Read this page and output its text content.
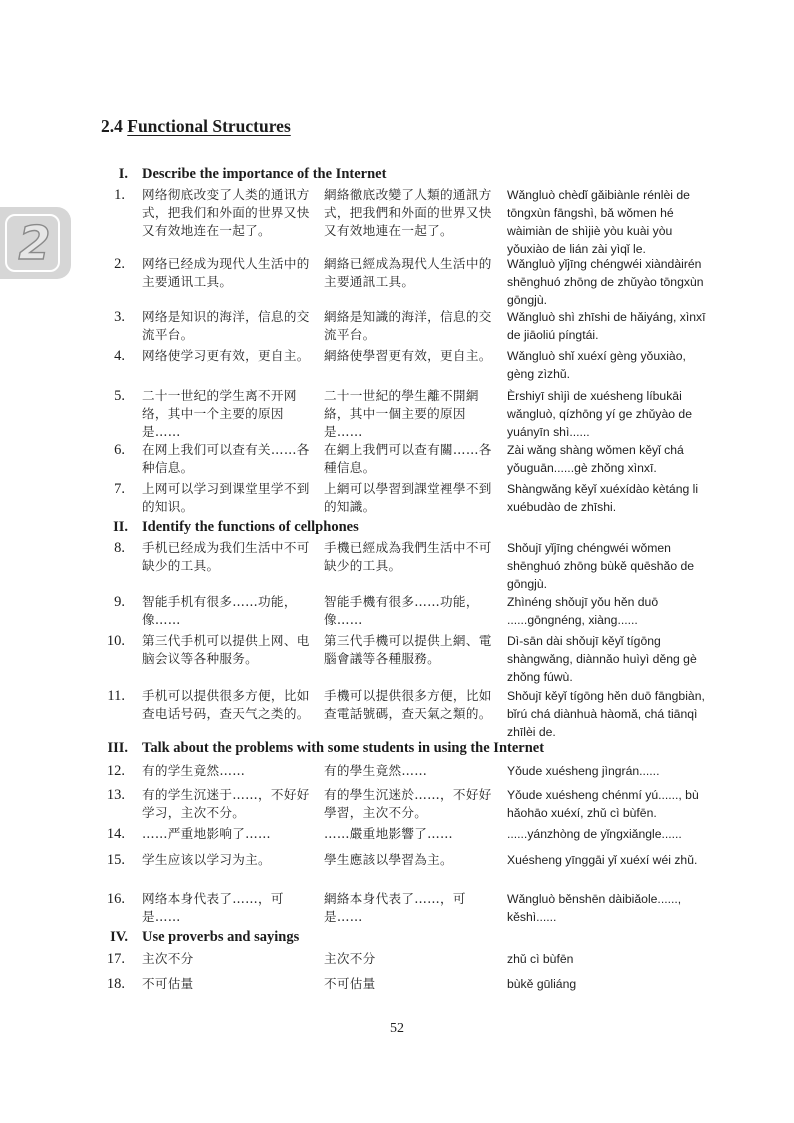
2
2.4 Functional Structures
I. Describe the importance of the Internet
1. 网络彻底改变了人类的通讯方式，把我们和外面的世界又快又有效地连在一起了。
網絡徹底改變了人類的通訊方式，把我們和外面的世界又快又有效地連在一起了。
Wǎngluò chèdǐ gǎibiànle rénlèi de tōngxùn fāngshì, bǎ wǒmen hé wàimiàn de shìjiè yòu kuài yòu yǒuxiào de lián zài yìqǐ le.
2. 网络已经成为现代人生活中的主要通讯工具。
網絡已經成為現代人生活中的主要通訊工具。
Wǎngluò yǐjīng chéngwéi xiàndàirén shēnghuó zhōng de zhǔyào tōngxùn gōngjù.
3. 网络是知识的海洋，信息的交流平台。
網絡是知識的海洋，信息的交流平台。
Wǎngluò shì zhīshi de hǎiyáng, xìnxī de jiāoliú píngtái.
4. 网络使学习更有效，更自主。 網絡使學習更有效，更自主。	Wǎngluò shǐ xuéxí gèng yǒuxiào, gèng zìzhǔ.
5. 二十一世纪的学生离不开网络，其中一个主要的原因是……
二十一世紀的學生離不開網絡，其中一個主要的原因是……
Èrshiyī shìjì de xuésheng líbukāi wǎngluò, qízhōng yí ge zhǔyào de yuányīn shì......
6. 在网上我们可以查有关……各种信息。
在網上我們可以查有關……各種信息。
Zài wǎng shàng wǒmen kěyǐ chá yǒuguān......gè zhǒng xìnxī.
7. 上网可以学习到课堂里学不到的知识。
上網可以學習到課堂裡學不到的知識。
Shàngwǎng kěyǐ xuéxídào kètáng li xuébudào de zhīshi.
II. Identify the functions of cellphones
8. 手机已经成为我们生活中不可缺少的工具。
手機已經成為我們生活中不可缺少的工具。
Shǒujī yǐjīng chéngwéi wǒmen shēnghuó zhōng bùkě quēshǎo de gōngjù.
9. 智能手机有很多……功能，像……
智能手機有很多……功能，像……
Zhìnéng shǒujī yǒu hěn duō ......gōngnéng, xiàng......
10. 第三代手机可以提供上网、电脑会议等各种服务。
第三代手機可以提供上網、電腦會議等各種服務。
Dì-sān dài shǒujī kěyǐ tígōng shàngwǎng, diànnǎo huìyì děng gè zhǒng fúwù.
11. 手机可以提供很多方便，比如查电话号码，查天气之类的。
手機可以提供很多方便，比如查電話號碼，查天氣之類的。
Shǒujī kěyǐ tígōng hěn duō fāngbiàn, bǐrú chá diànhuà hàomǎ, chá tiānqì zhīlèi de.
III. Talk about the problems with some students in using the Internet
12. 有的学生竟然……	有的學生竟然……	Yǒude xuésheng jìngrán......
13. 有的学生沉迷于……，不好好学习，主次不分。
有的學生沉迷於……，不好好學習，主次不分。
Yǒude xuésheng chénmí yú......, bù hǎohāo xuéxí, zhǔ cì bùfēn.
14. ……严重地影响了……	……嚴重地影響了……	......yánzhòng de yǐngxiǎngle......
15. 学生应该以学习为主。	學生應該以學習為主。	Xuésheng yīnggāi yǐ xuéxí wéi zhǔ.
16. 网络本身代表了……，可是……
網絡本身代表了……，可是……
Wǎngluò běnshēn dàibiǎole......, kěshì......
IV. Use proverbs and sayings
17. 主次不分	主次不分	zhǔ cì bùfēn
18. 不可估量	不可估量	bùkě gūliáng
52
